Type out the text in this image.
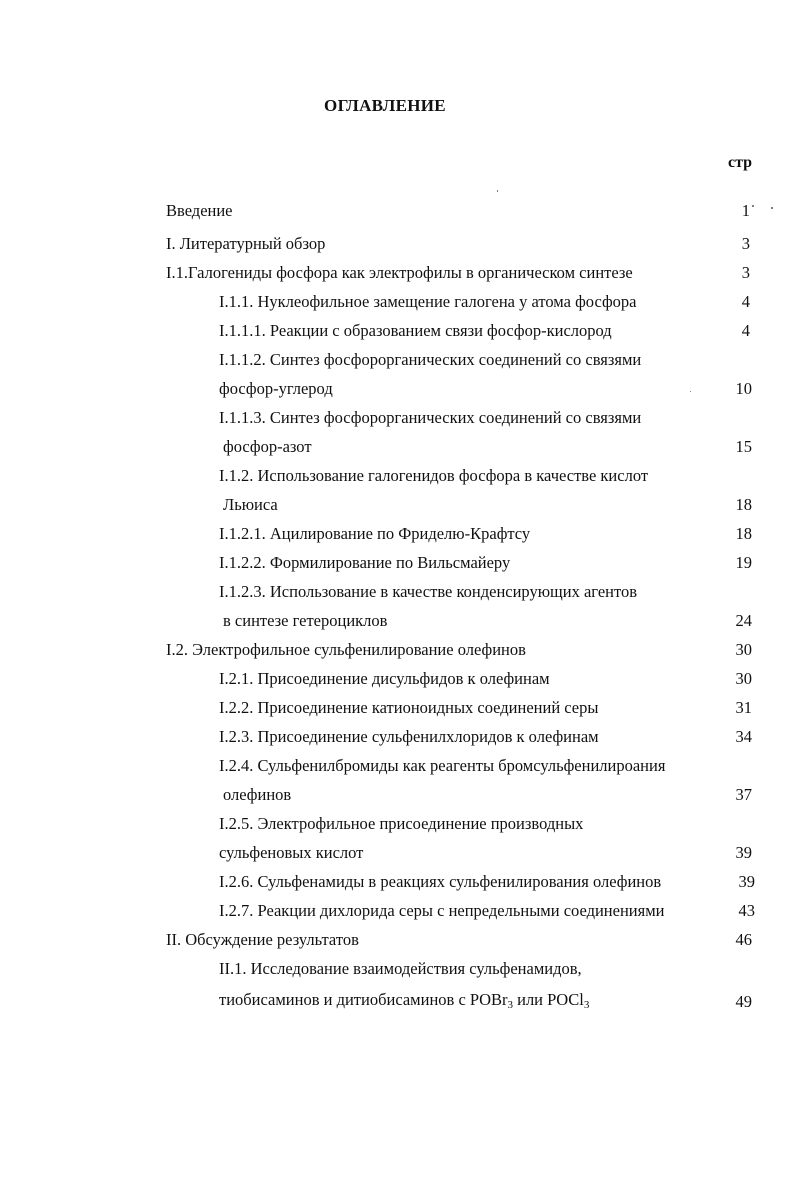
ОГЛАВЛЕНИЕ
стр
Введение	1
I. Литературный обзор	3
I.1.Галогениды фосфора как электрофилы в органическом синтезе	3
I.1.1. Нуклеофильное замещение галогена у атома фосфора	4
I.1.1.1. Реакции с образованием связи фосфор-кислород	4
I.1.1.2. Синтез фосфорорганических соединений со связями
фосфор-углерод	10
I.1.1.3. Синтез фосфорорганических соединений со связями
фосфор-азот	15
I.1.2. Использование галогенидов фосфора в качестве кислот
Льюиса	18
I.1.2.1. Ацилирование по Фриделю-Крафтсу	18
I.1.2.2. Формилирование по Вильсмайеру	19
I.1.2.3. Использование в качестве конденсирующих агентов
в синтезе гетероциклов	24
I.2. Электрофильное сульфенилирование олефинов	30
I.2.1. Присоединение дисульфидов к олефинам	30
I.2.2. Присоединение катионоидных соединений серы	31
I.2.3. Присоединение сульфенилхлоридов к олефинам	34
I.2.4. Сульфенилбромиды как реагенты бромсульфенилироания
олефинов	37
I.2.5. Электрофильное присоединение производных
сульфеновых кислот	39
I.2.6. Сульфенамиды в реакциях сульфенилирования олефинов	39
I.2.7. Реакции дихлорида серы с непредельными соединениями	43
II. Обсуждение результатов	46
II.1. Исследование взаимодействия сульфенамидов,
тиобисаминов и дитиобисаминов с POBr$_3$ или POCl$_3$	49
